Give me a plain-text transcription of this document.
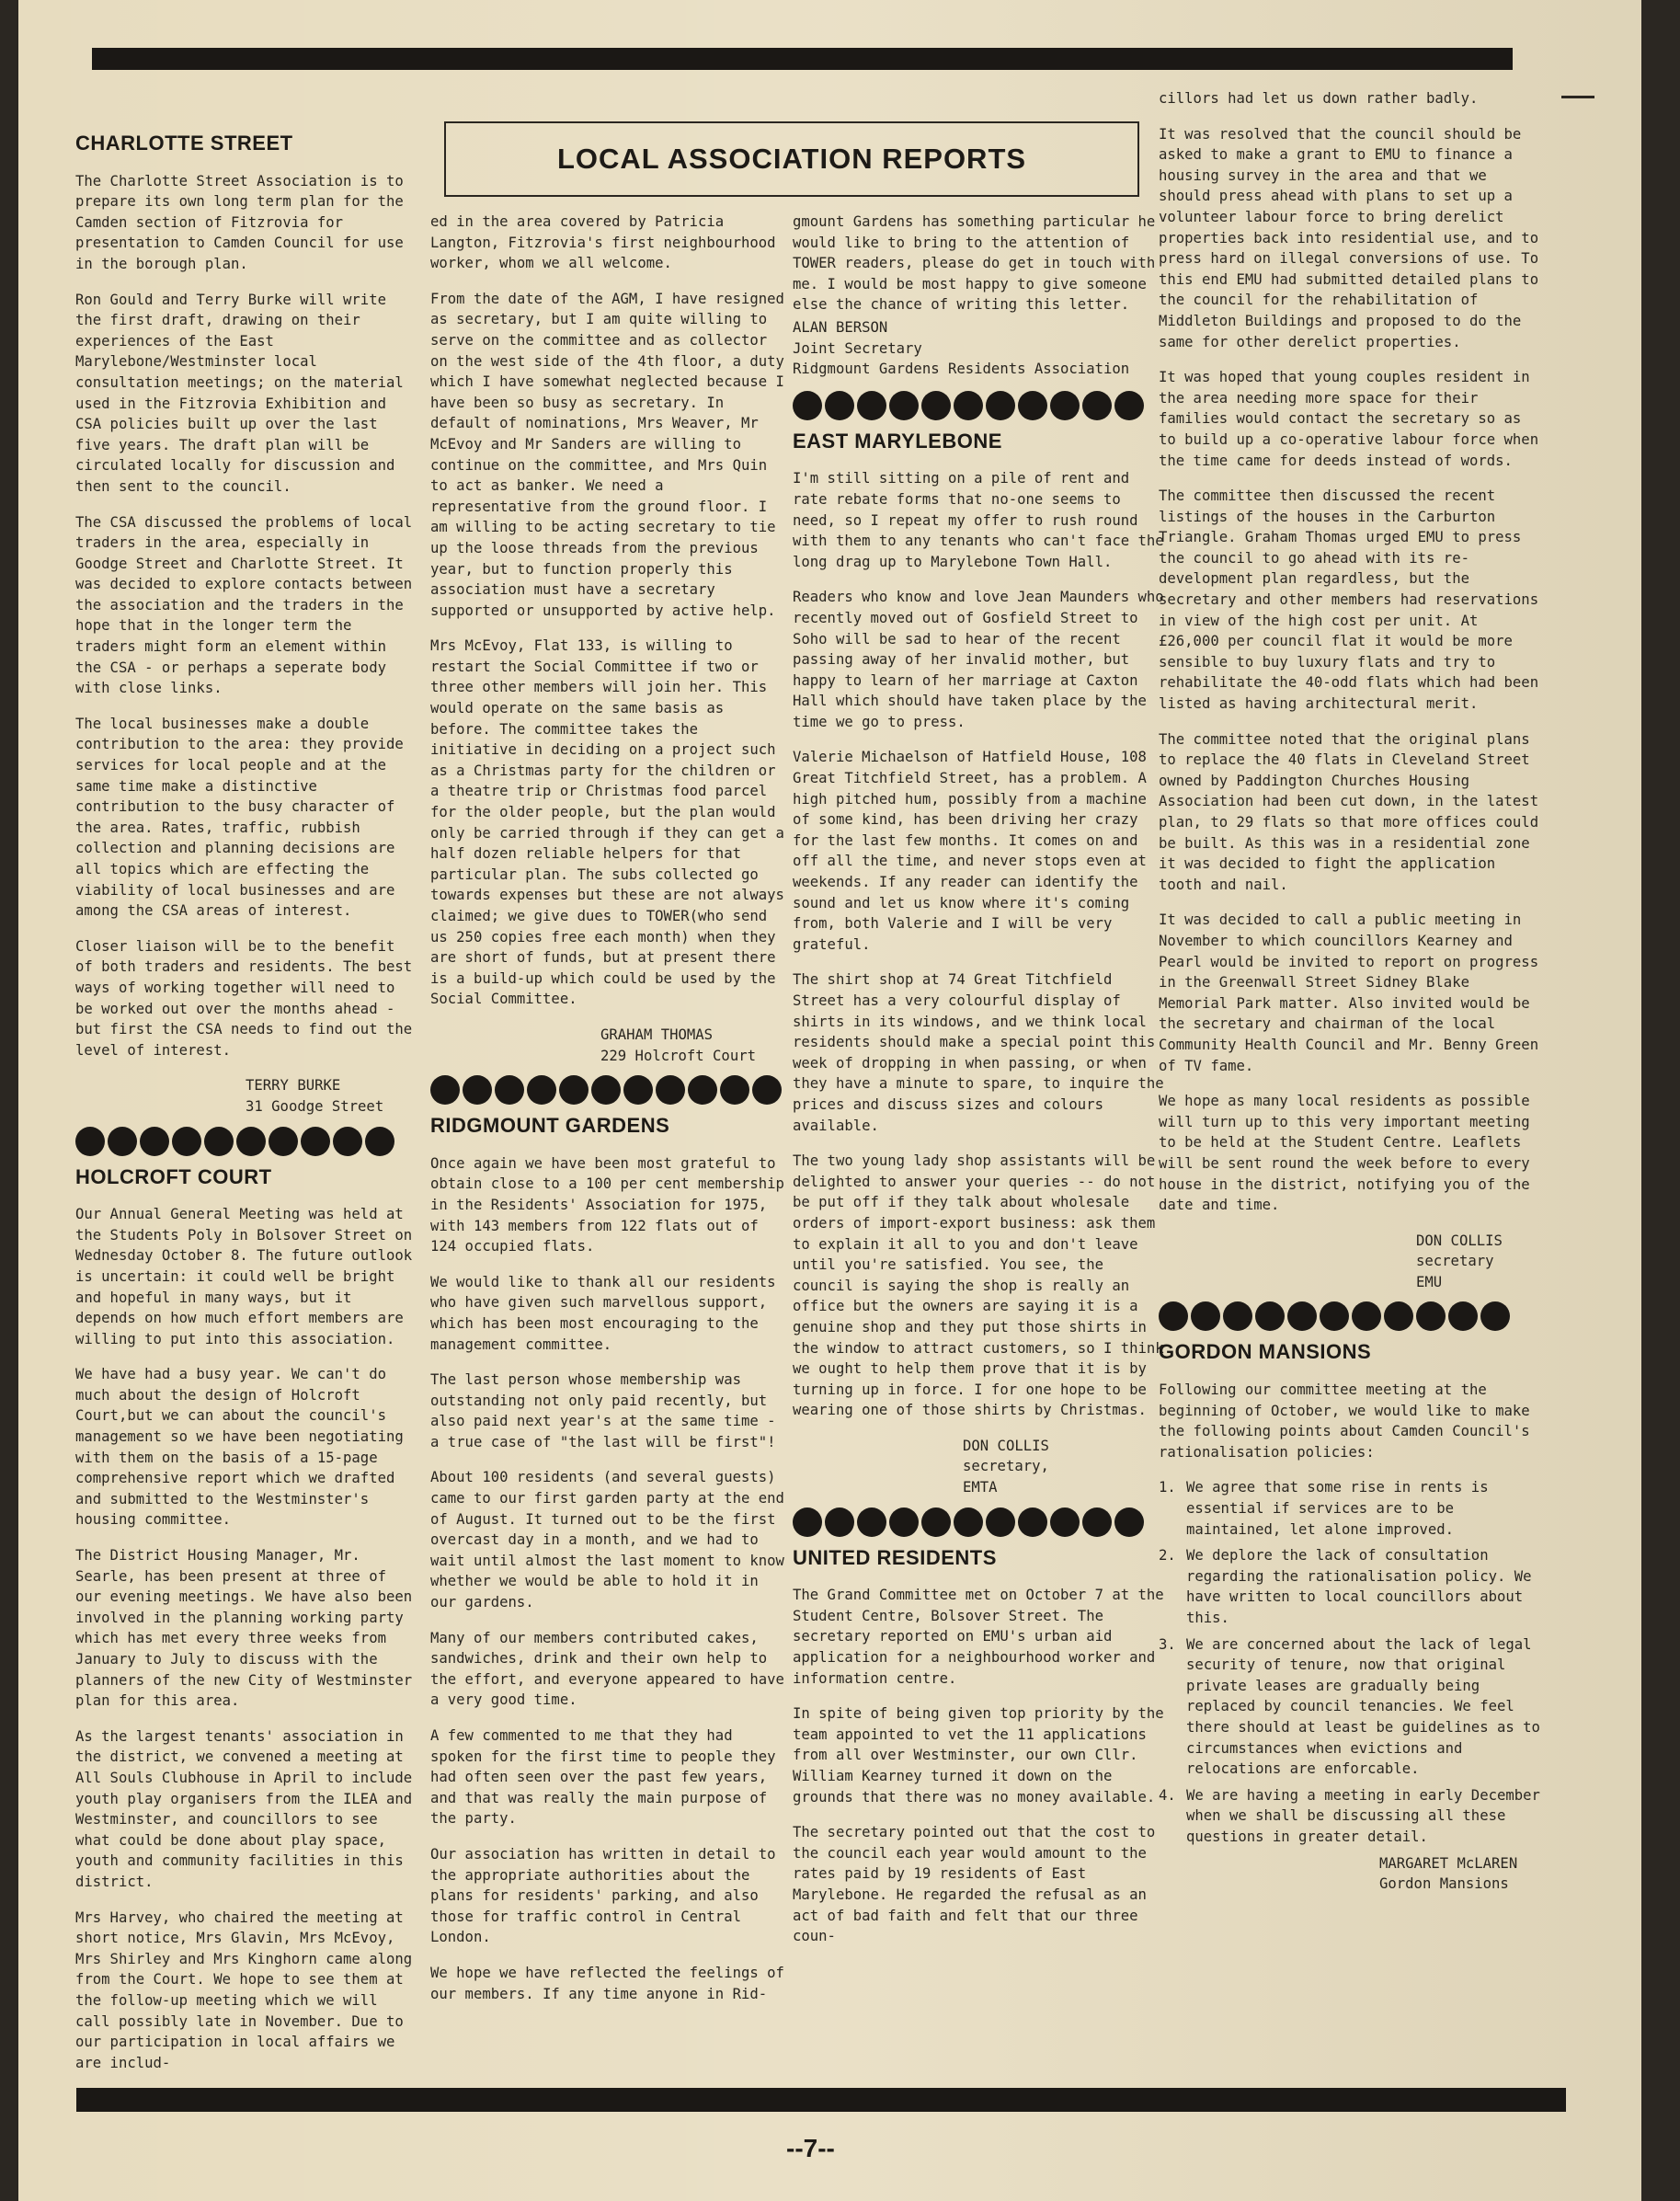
LOCAL ASSOCIATION REPORTS
CHARLOTTE STREET

The Charlotte Street Association is to prepare its own long term plan for the Camden section of Fitzrovia for presentation to Camden Council for use in the borough plan.

Ron Gould and Terry Burke will write the first draft, drawing on their experiences of the East Marylebone/Westminster local consultation meetings; on the material used in the Fitzrovia Exhibition and CSA policies built up over the last five years. The draft plan will be circulated locally for discussion and then sent to the council.

The CSA discussed the problems of local traders in the area, especially in Goodge Street and Charlotte Street. It was decided to explore contacts between the association and the traders in the hope that in the longer term the traders might form an element within the CSA - or perhaps a seperate body with close links.

The local businesses make a double contribution to the area: they provide services for local people and at the same time make a distinctive contribution to the busy character of the area. Rates, traffic, rubbish collection and planning decisions are all topics which are effecting the viability of local businesses and are among the CSA areas of interest.

Closer liaison will be to the benefit of both traders and residents. The best ways of working together will need to be worked out over the months ahead - but first the CSA needs to find out the level of interest.

TERRY BURKE
31 Goodge Street
HOLCROFT COURT

Our Annual General Meeting was held at the Students Poly in Bolsover Street on Wednesday October 8. The future outlook is uncertain: it could well be bright and hopeful in many ways, but it depends on how much effort members are willing to put into this association.

We have had a busy year. We can't do much about the design of Holcroft Court,but we can about the council's management so we have been negotiating with them on the basis of a 15-page comprehensive report which we drafted and submitted to the Westminster's housing committee.

The District Housing Manager, Mr. Searle, has been present at three of our evening meetings. We have also been involved in the planning working party which has met every three weeks from January to July to discuss with the planners of the new City of Westminster plan for this area.

As the largest tenants' association in the district, we convened a meeting at All Souls Clubhouse in April to include youth play organisers from the ILEA and Westminster, and councillors to see what could be done about play space, youth and community facilities in this district.

Mrs Harvey, who chaired the meeting at short notice, Mrs Glavin, Mrs McEvoy, Mrs Shirley and Mrs Kinghorn came along from the Court. We hope to see them at the follow-up meeting which we will call possibly late in November. Due to our participation in local affairs we are includ-

ed in the area covered by Patricia Langton, Fitzrovia's first neighbourhood worker, whom we all welcome.

From the date of the AGM, I have resigned as secretary, but I am quite willing to serve on the committee and as collector on the west side of the 4th floor, a duty which I have somewhat neglected because I have been so busy as secretary. In default of nominations, Mrs Weaver, Mr McEvoy and Mr Sanders are willing to continue on the committee, and Mrs Quin to act as banker. We need a representative from the ground floor. I am willing to be acting secretary to tie up the loose threads from the previous year, but to function properly this association must have a secretary supported or unsupported by active help.

Mrs McEvoy, Flat 133, is willing to restart the Social Committee if two or three other members will join her. This would operate on the same basis as before. The committee takes the initiative in deciding on a project such as a Christmas party for the children or a theatre trip or Christmas food parcel for the older people, but the plan would only be carried through if they can get a half dozen reliable helpers for that particular plan. The subs collected go towards expenses but these are not always claimed; we give dues to TOWER(who send us 250 copies free each month) when they are short of funds, but at present there is a build-up which could be used by the Social Committee.

GRAHAM THOMAS
229 Holcroft Court
RIDGMOUNT GARDENS

Once again we have been most grateful to obtain close to a 100 per cent membership in the Residents' Association for 1975, with 143 members from 122 flats out of 124 occupied flats.

We would like to thank all our residents who have given such marvellous support, which has been most encouraging to the management committee.

The last person whose membership was outstanding not only paid recently, but also paid next year's at the same time - a true case of "the last will be first"!

About 100 residents (and several guests) came to our first garden party at the end of August. It turned out to be the first overcast day in a month, and we had to wait until almost the last moment to know whether we would be able to hold it in our gardens.

Many of our members contributed cakes, sandwiches, drink and their own help to the effort, and everyone appeared to have a very good time.

A few commented to me that they had spoken for the first time to people they had often seen over the past few years, and that was really the main purpose of the party.

Our association has written in detail to the appropriate authorities about the plans for residents' parking, and also those for traffic control in Central London.

We hope we have reflected the feelings of our members. If any time anyone in Rid-

gmount Gardens has something particular he would like to bring to the attention of TOWER readers, please do get in touch with me. I would be most happy to give someone else the chance of writing this letter.

ALAN BERSON
Joint Secretary
Ridgmount Gardens Residents Association
EAST MARYLEBONE

I'm still sitting on a pile of rent and rate rebate forms that no-one seems to need, so I repeat my offer to rush round with them to any tenants who can't face the long drag up to Marylebone Town Hall.

Readers who know and love Jean Maunders who recently moved out of Gosfield Street to Soho will be sad to hear of the recent passing away of her invalid mother, but happy to learn of her marriage at Caxton Hall which should have taken place by the time we go to press.

Valerie Michaelson of Hatfield House, 108 Great Titchfield Street, has a problem. A high pitched hum, possibly from a machine of some kind, has been driving her crazy for the last few months. It comes on and off all the time, and never stops even at weekends. If any reader can identify the sound and let us know where it's coming from, both Valerie and I will be very grateful.

The shirt shop at 74 Great Titchfield Street has a very colourful display of shirts in its windows, and we think local residents should make a special point this week of dropping in when passing, or when they have a minute to spare, to inquire the prices and discuss sizes and colours available.

The two young lady shop assistants will be delighted to answer your queries -- do not be put off if they talk about wholesale orders of import-export business: ask them to explain it all to you and don't leave until you're satisfied. You see, the council is saying the shop is really an office but the owners are saying it is a genuine shop and they put those shirts in the window to attract customers, so I think we ought to help them prove that it is by turning up in force. I for one hope to be wearing one of those shirts by Christmas.

DON COLLIS
secretary,
EMTA
UNITED RESIDENTS

The Grand Committee met on October 7 at the Student Centre, Bolsover Street. The secretary reported on EMU's urban aid application for a neighbourhood worker and information centre.

In spite of being given top priority by the team appointed to vet the 11 applications from all over Westminster, our own Cllr. William Kearney turned it down on the grounds that there was no money available.

The secretary pointed out that the cost to the council each year would amount to the rates paid by 19 residents of East Marylebone. He regarded the refusal as an act of bad faith and felt that our three coun-

cillors had let us down rather badly.

It was resolved that the council should be asked to make a grant to EMU to finance a housing survey in the area and that we should press ahead with plans to set up a volunteer labour force to bring derelict properties back into residential use, and to press hard on illegal conversions of use. To this end EMU had submitted detailed plans to the council for the rehabilitation of Middleton Buildings and proposed to do the same for other derelict properties.

It was hoped that young couples resident in the area needing more space for their families would contact the secretary so as to build up a co-operative labour force when the time came for deeds instead of words.

The committee then discussed the recent listings of the houses in the Carburton Triangle. Graham Thomas urged EMU to press the council to go ahead with its re-development plan regardless, but the secretary and other members had reservations in view of the high cost per unit. At £26,000 per council flat it would be more sensible to buy luxury flats and try to rehabilitate the 40-odd flats which had been listed as having architectural merit.

The committee noted that the original plans to replace the 40 flats in Cleveland Street owned by Paddington Churches Housing Association had been cut down, in the latest plan, to 29 flats so that more offices could be built. As this was in a residential zone it was decided to fight the application tooth and nail.

It was decided to call a public meeting in November to which councillors Kearney and Pearl would be invited to report on progress in the Greenwall Street Sidney Blake Memorial Park matter. Also invited would be the secretary and chairman of the local Community Health Council and Mr. Benny Green of TV fame.

We hope as many local residents as possible will turn up to this very important meeting to be held at the Student Centre. Leaflets will be sent round the week before to every house in the district, notifying you of the date and time.

DON COLLIS
secretary
EMU
GORDON MANSIONS

Following our committee meeting at the beginning of October, we would like to make the following points about Camden Council's rationalisation policies:

1. We agree that some rise in rents is essential if services are to be maintained, let alone improved.
2. We deplore the lack of consultation regarding the rationalisation policy. We have written to local councillors about this.
3. We are concerned about the lack of legal security of tenure, now that original private leases are gradually being replaced by council tenancies. We feel there should at least be guidelines as to circumstances when evictions and relocations are enforcable.
4. We are having a meeting in early December when we shall be discussing all these questions in greater detail.
MARGARET McLAREN
Gordon Mansions
--7--
